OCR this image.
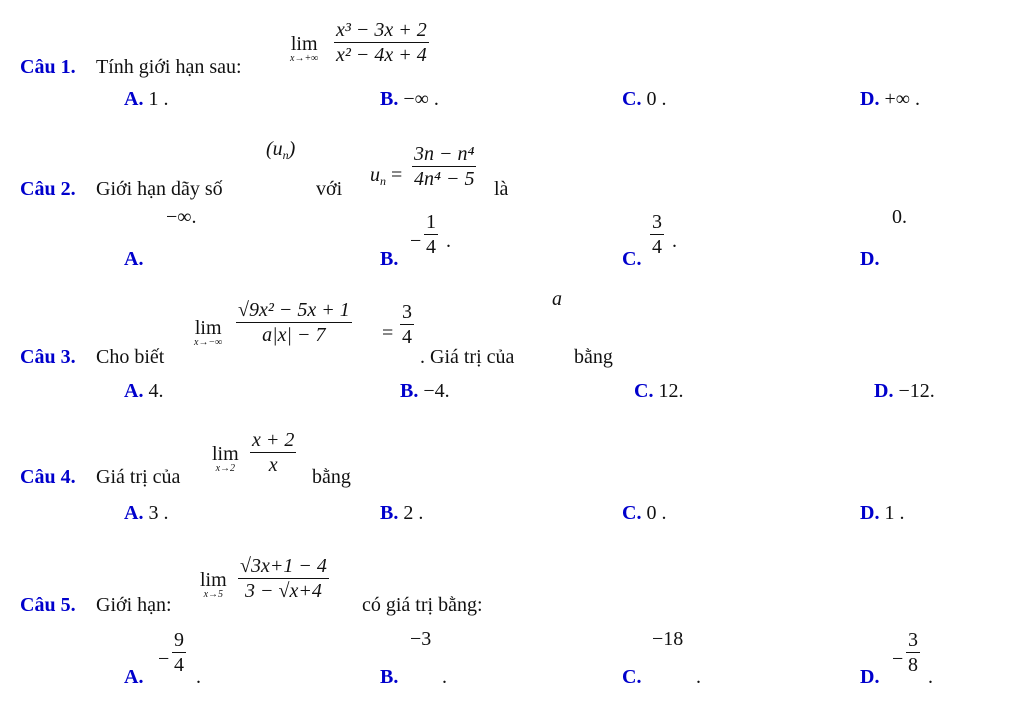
Câu 1. Tính giới hạn sau:
lim
$x\to+\infty \frac{\text{x³ − 3x + 2}}{\text{x² − 4x + 4}}$
A. 1 .	B. −∞ .	C. 0 .	D. +∞ .
Câu 2. Giới hạn dãy số
(un)
với
un = $\frac{\text{3n − n⁴}}{\text{4n⁴ − 5}}$ là
−∞.
A.	B.
− $\frac{1}{4}$ .
C. $\frac{3}{4}$ .
0.
D.
Câu 3. Cho biết
lim
$x\to-\infty \frac{\text{√9x² − 5x + 1}}{a|x| - 7} = \frac{3}{4}$
. Giá trị của
a
bằng
A. 4.	B. −4.	C. 12.	D. −12.
Câu 4. Giá trị của
lim
$x\to 2 \frac{x + 2}{x}$ bằng
A. 3 .	B. 2 .	C. 0 .	D. 1 .
Câu 5. Giới hạn:
lim
$x\to 5 \frac{√3x+1 - 4}{3 - √x+4}$
có giá trị bằng:
A.
− $\frac{9}{4}$ .	B.
−3
.	C.
−18
.	D.
− $\frac{3}{8}$ .
